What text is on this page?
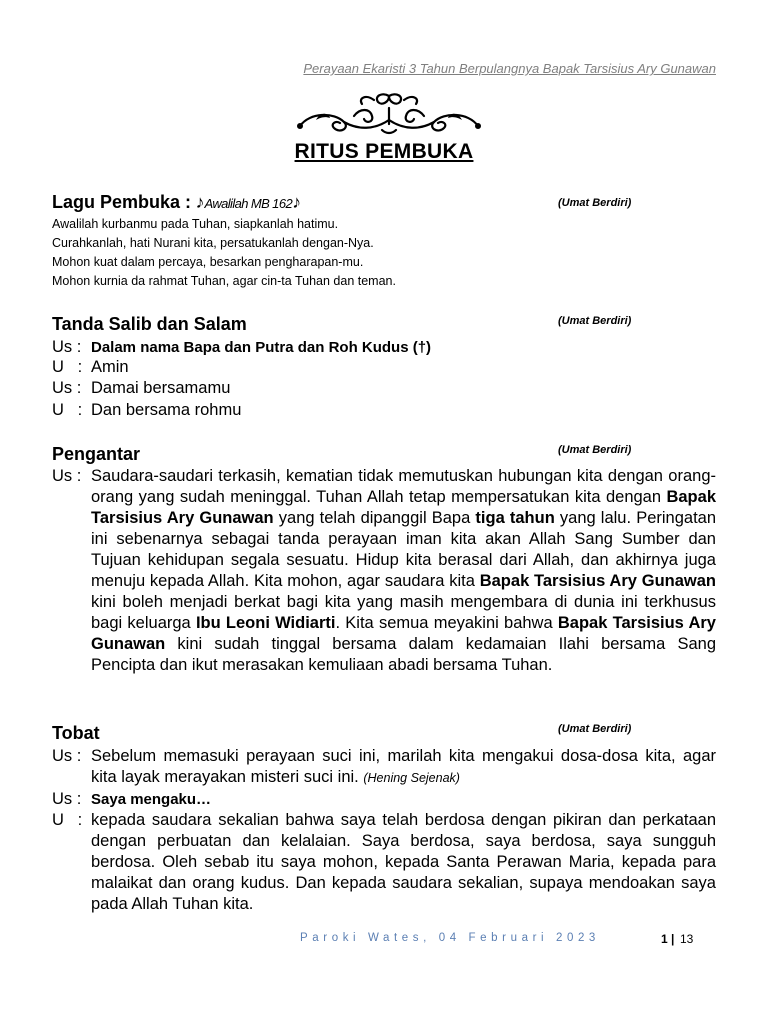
Perayaan Ekaristi 3 Tahun Berpulangnya Bapak Tarsisius Ary Gunawan
RITUS PEMBUKA
Lagu Pembuka : ♪Awalilah MB 162♪	(Umat Berdiri)
Awalilah kurbanmu pada Tuhan, siapkanlah hatimu.
Curahkanlah, hati Nurani kita, persatukanlah dengan-Nya.
Mohon kuat dalam percaya, besarkan pengharapan-mu.
Mohon kurnia da rahmat Tuhan, agar cin-ta Tuhan dan teman.
Tanda Salib dan Salam	(Umat Berdiri)
Us : Dalam nama Bapa dan Putra dan Roh Kudus (†)
U   : Amin
Us : Damai bersamamu
U   : Dan bersama rohmu
Pengantar	(Umat Berdiri)
Us : Saudara-saudari terkasih, kematian tidak memutuskan hubungan kita dengan orang-orang yang sudah meninggal. Tuhan Allah tetap mempersatukan kita dengan Bapak Tarsisius Ary Gunawan yang telah dipanggil Bapa tiga tahun yang lalu. Peringatan ini sebenarnya sebagai tanda perayaan iman kita akan Allah Sang Sumber dan Tujuan kehidupan segala sesuatu. Hidup kita berasal dari Allah, dan akhirnya juga menuju kepada Allah. Kita mohon, agar saudara kita Bapak Tarsisius Ary Gunawan kini boleh menjadi berkat bagi kita yang masih mengembara di dunia ini terkhusus bagi keluarga Ibu Leoni Widiarti. Kita semua meyakini bahwa Bapak Tarsisius Ary Gunawan kini sudah tinggal bersama dalam kedamaian Ilahi bersama Sang Pencipta dan ikut merasakan kemuliaan abadi bersama Tuhan.
Tobat	(Umat Berdiri)
Us : Sebelum memasuki perayaan suci ini, marilah kita mengakui dosa-dosa kita, agar kita layak merayakan misteri suci ini. (Hening Sejenak)
Us : Saya mengaku…
U   : kepada saudara sekalian bahwa saya telah berdosa dengan pikiran dan perkataan dengan perbuatan dan kelalaian. Saya berdosa, saya berdosa, saya sungguh berdosa. Oleh sebab itu saya mohon, kepada Santa Perawan Maria, kepada para malaikat dan orang kudus. Dan kepada saudara sekalian, supaya mendoakan saya pada Allah Tuhan kita.
Paroki Wates, 04 Februari 2023	1 | 13
